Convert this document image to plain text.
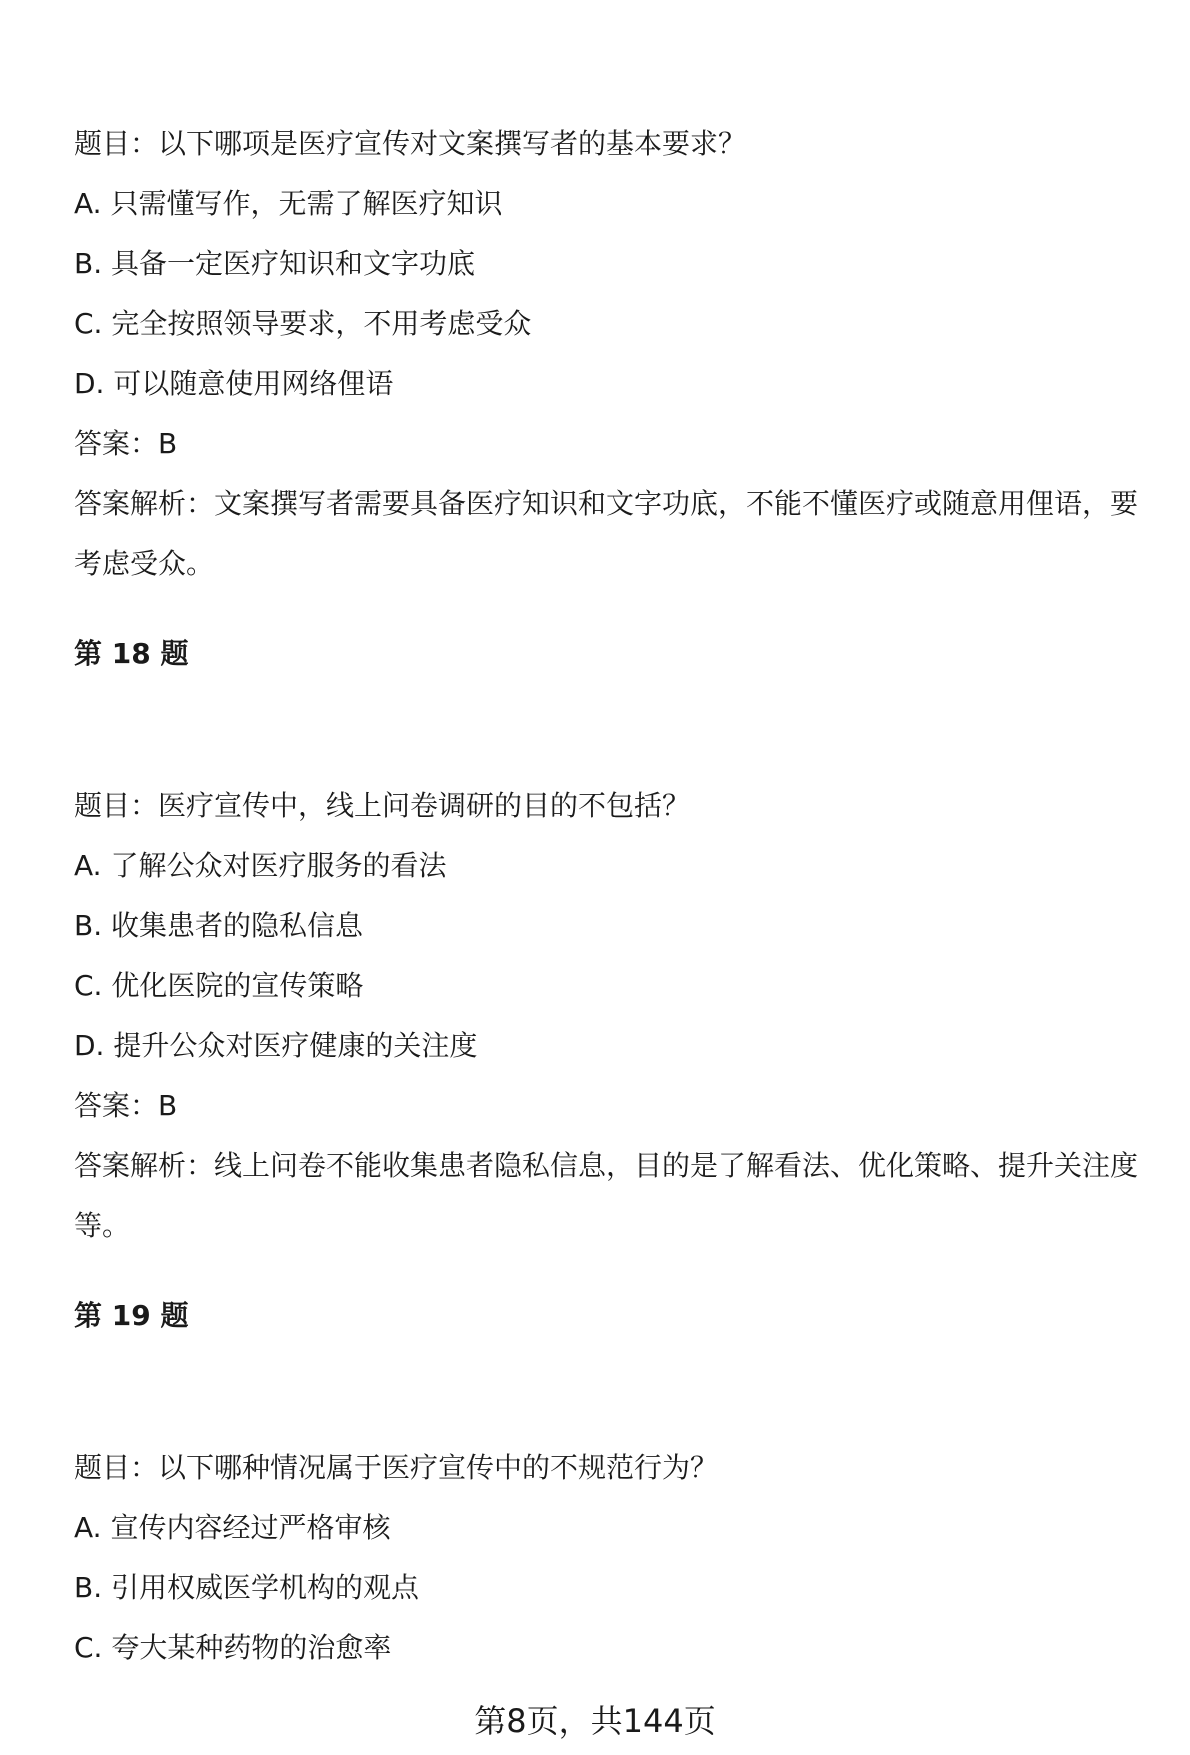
题目：以下哪项是医疗宣传对文案撰写者的基本要求？
A. 只需懂写作，无需了解医疗知识
B. 具备一定医疗知识和文字功底
C. 完全按照领导要求，不用考虑受众
D. 可以随意使用网络俚语
答案：B
答案解析：文案撰写者需要具备医疗知识和文字功底，不能不懂医疗或随意用俚语，要考虑受众。
第 18 题
题目：医疗宣传中，线上问卷调研的目的不包括？
A. 了解公众对医疗服务的看法
B. 收集患者的隐私信息
C. 优化医院的宣传策略
D. 提升公众对医疗健康的关注度
答案：B
答案解析：线上问卷不能收集患者隐私信息，目的是了解看法、优化策略、提升关注度等。
第 19 题
题目：以下哪种情况属于医疗宣传中的不规范行为？
A. 宣传内容经过严格审核
B. 引用权威医学机构的观点
C. 夸大某种药物的治愈率
第8页，共144页
